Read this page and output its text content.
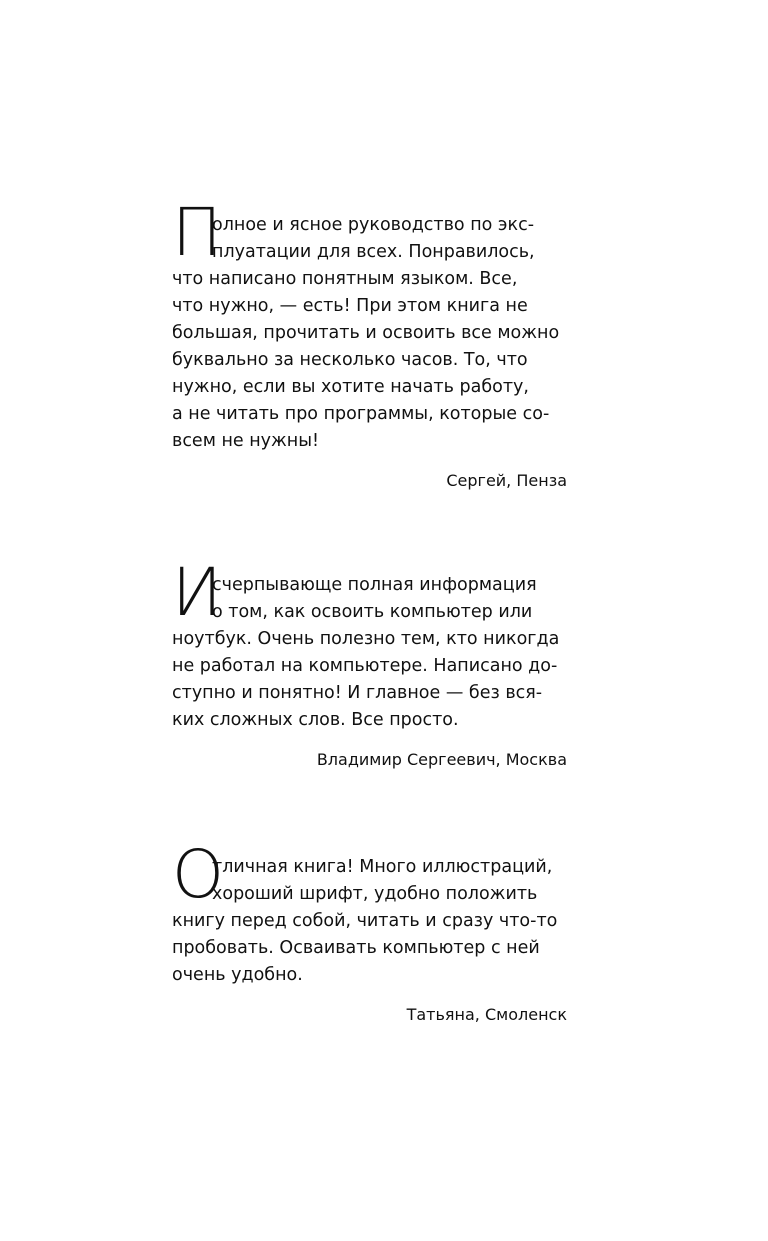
П
олное и ясное руководство по экс-
плуатации для всех. Понравилось,
что написано понятным языком. Все,
что нужно, — есть! При этом книга не
большая, прочитать и освоить все можно
буквально за несколько часов. То, что
нужно, если вы хотите начать работу,
а не читать про программы, которые со-
всем не нужны!
Сергей, Пенза
И
счерпывающе полная информация
о том, как освоить компьютер или
ноутбук. Очень полезно тем, кто никогда
не работал на компьютере. Написано до-
ступно и понятно! И главное — без вся-
ких сложных слов. Все просто.
Владимир Сергеевич, Москва
О
тличная книга! Много иллюстраций,
хороший шрифт, удобно положить
книгу перед собой, читать и сразу что-то
пробовать. Осваивать компьютер с ней
очень удобно.
Татьяна, Смоленск
